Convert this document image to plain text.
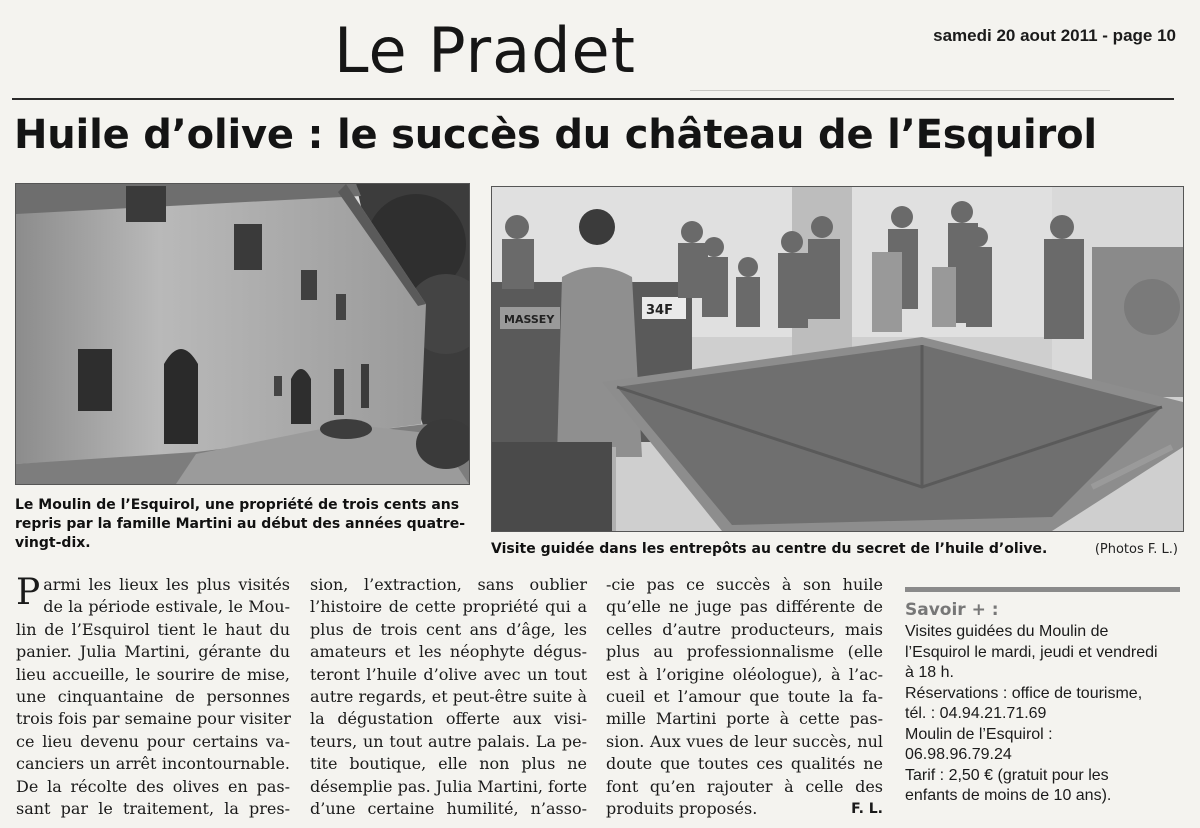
Le Pradet	samedi 20 aout 2011 - page 10
Huile d’olive : le succès du château de l’Esquirol
MASSEY
34F
Le Moulin de l’Esquirol, une propriété de trois cents ans
repris par la famille Martini au début des années quatre-
vingt-dix.	Visite guidée dans les entrepôts au centre du secret de l’huile d’olive.	(Photos F. L.)
P armi les lieux les plus visités
de la période estivale, le Mou-
lin de l’Esquirol tient le haut du
panier. Julia Martini, gérante du
lieu accueille, le sourire de mise,
une cinquantaine de personnes
trois fois par semaine pour visiter
ce lieu devenu pour certains va-
canciers un arrêt incontournable.
De la récolte des olives en pas-
sant par le traitement, la pres-
sion, l’extraction, sans oublier
l’histoire de cette propriété qui a
plus de trois cent ans d’âge, les
amateurs et les néophyte dégus-
teront l’huile d’olive avec un tout
autre regards, et peut-être suite à
la dégustation offerte aux visi-
teurs, un tout autre palais. La pe-
tite boutique, elle non plus ne
désemplie pas. Julia Martini, forte
d’une certaine humilité, n’asso-
-cie pas ce succès à son huile
qu’elle ne juge pas différente de
celles d’autre producteurs, mais
plus au professionnalisme (elle
est à l’origine oléologue), à l’ac-
cueil et l’amour que toute la fa-
mille Martini porte à cette pas-
sion. Aux vues de leur succès, nul
doute que toutes ces qualités ne
font qu’en rajouter à celle des
produits proposés.	F. L.
Savoir + :
Visites guidées du Moulin de
l’Esquirol le mardi, jeudi et vendredi
à 18 h.
Réservations : office de tourisme,
tél. : 04.94.21.71.69
Moulin de l’Esquirol :
06.98.96.79.24
Tarif : 2,50 € (gratuit pour les
enfants de moins de 10 ans).
